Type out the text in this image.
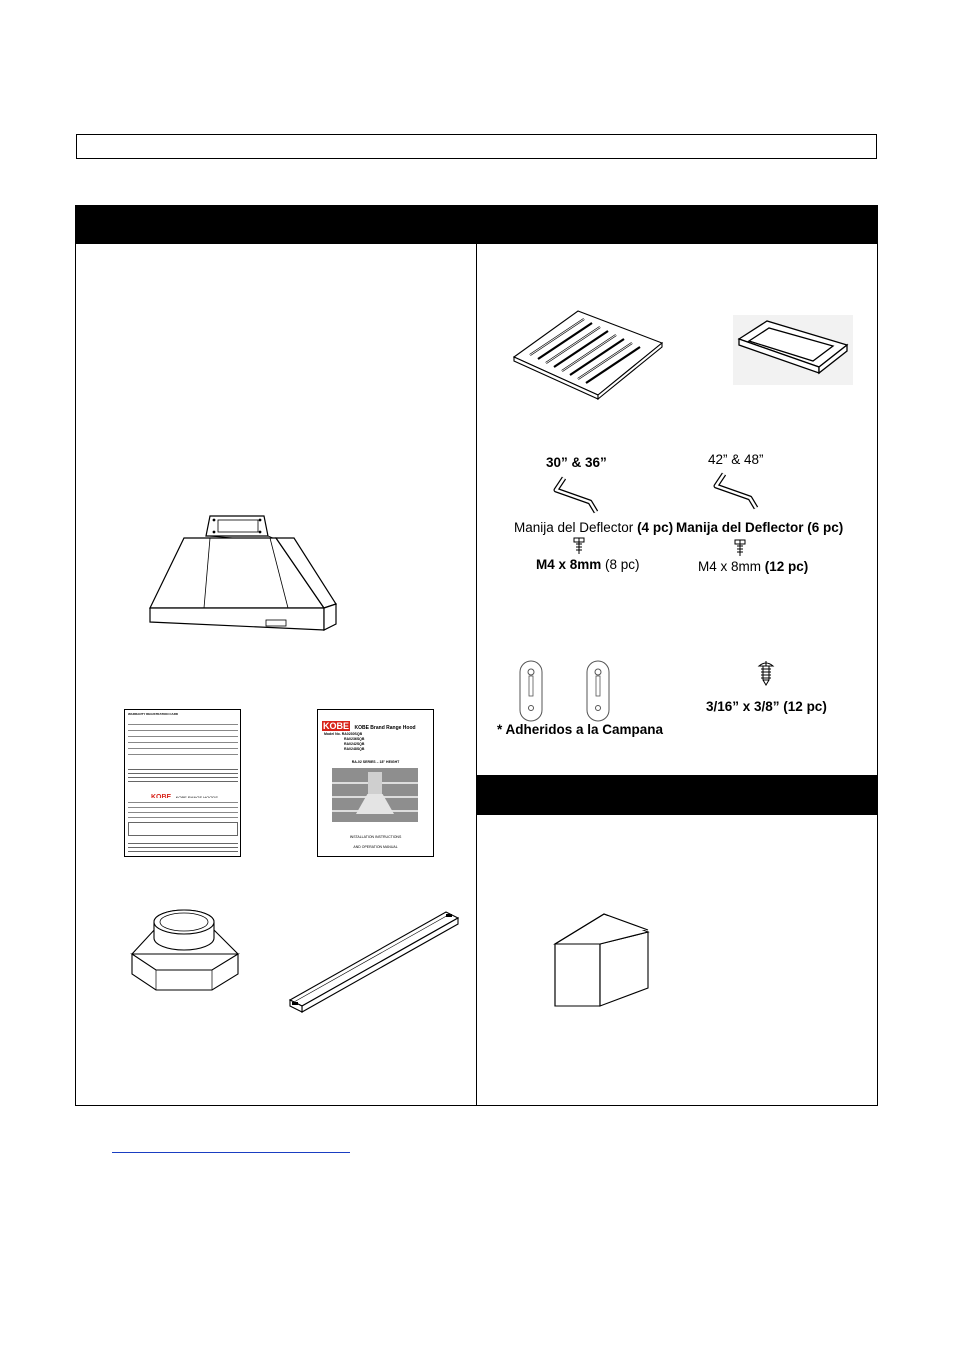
WARRANTY REGISTRATION CARD
KOBE KOBE Brand Range Hood
Model No. RA0230SQB
RA0236SQB
RA0242SQB
RA0248SQB
RA-02 SERIES – 18" HEIGHT
INSTALLATION INSTRUCTIONS
AND OPERATION MANUAL
30” & 36”	42” & 48”
Manija del Deflector (4 pc) Manija del Deflector (6 pc)
M4 x 8mm (8 pc)	M4 x 8mm (12 pc)
* Adheridos a la Campana
3/16” x 3/8” (12 pc)
